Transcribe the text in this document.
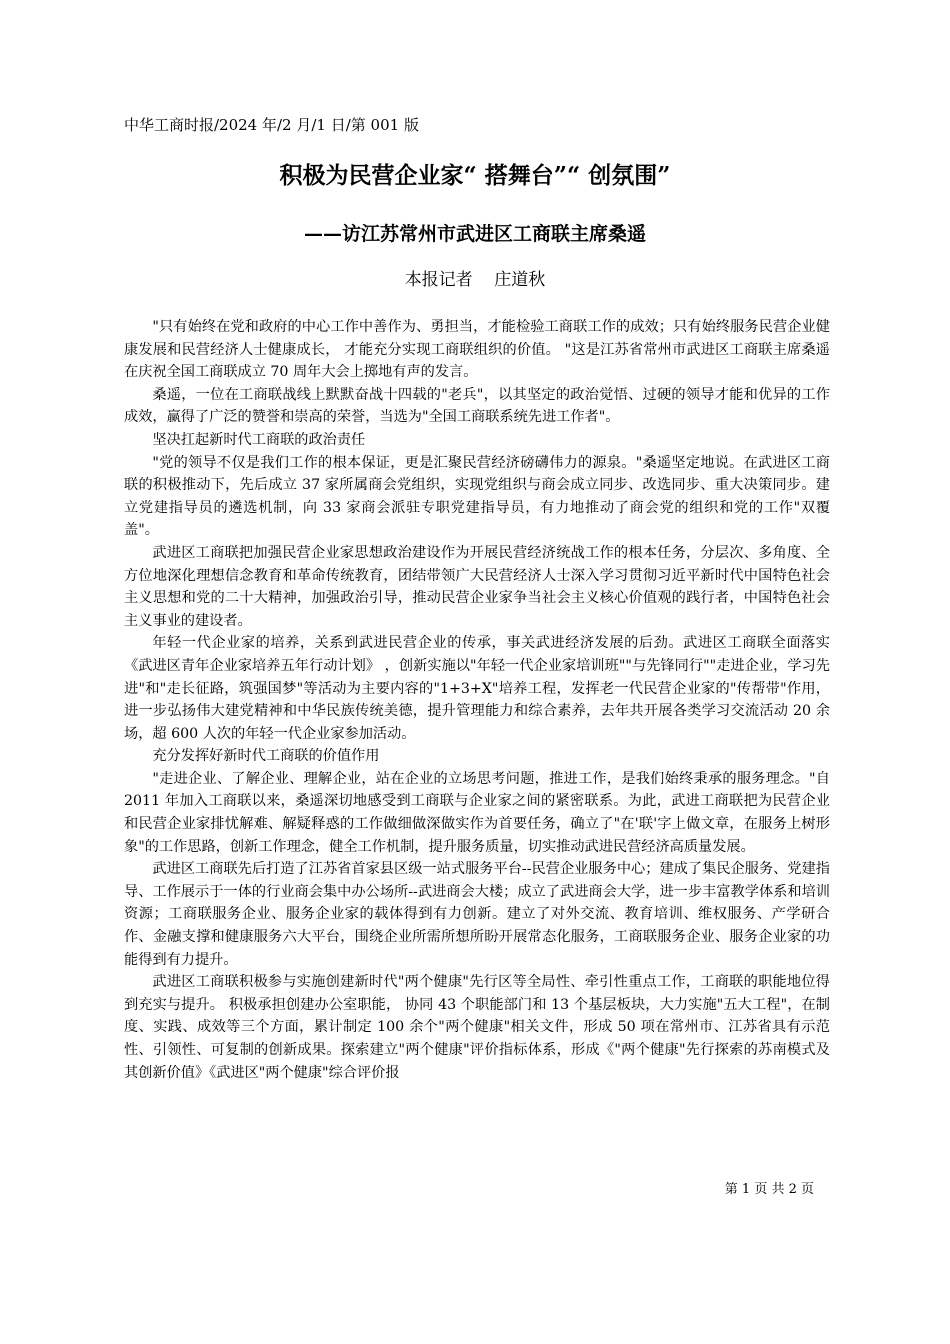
中华工商时报/2024 年/2 月/1 日/第 001 版
积极为民营企业家“ 搭舞台”“ 创氛围”
——访江苏常州市武进区工商联主席桑遥
本报记者    庄道秋

"只有始终在党和政府的中心工作中善作为、勇担当，才能检验工商联工作的成效；只有始终服务民营企业健康发展和民营经济人士健康成长， 才能充分实现工商联组织的价值。 "这是江苏省常州市武进区工商联主席桑遥在庆祝全国工商联成立 70 周年大会上掷地有声的发言。

桑遥，一位在工商联战线上默默奋战十四载的"老兵"，以其坚定的政治觉悟、过硬的领导才能和优异的工作成效，赢得了广泛的赞誉和崇高的荣誉，当选为"全国工商联系统先进工作者"。

坚决扛起新时代工商联的政治责任

"党的领导不仅是我们工作的根本保证，更是汇聚民营经济磅礴伟力的源泉。"桑遥坚定地说。在武进区工商联的积极推动下，先后成立 37 家所属商会党组织，实现党组织与商会成立同步、改选同步、重大决策同步。建立党建指导员的遴选机制，向 33 家商会派驻专职党建指导员，有力地推动了商会党的组织和党的工作"双覆盖"。

武进区工商联把加强民营企业家思想政治建设作为开展民营经济统战工作的根本任务，分层次、多角度、全方位地深化理想信念教育和革命传统教育，团结带领广大民营经济人士深入学习贯彻习近平新时代中国特色社会主义思想和党的二十大精神，加强政治引导，推动民营企业家争当社会主义核心价值观的践行者，中国特色社会主义事业的建设者。

年轻一代企业家的培养，关系到武进民营企业的传承，事关武进经济发展的后劲。武进区工商联全面落实《武进区青年企业家培养五年行动计划》 ，创新实施以"年轻一代企业家培训班""与先锋同行""走进企业，学习先进"和"走长征路，筑强国梦"等活动为主要内容的"1+3+X"培养工程，发挥老一代民营企业家的"传帮带"作用，进一步弘扬伟大建党精神和中华民族传统美德，提升管理能力和综合素养，去年共开展各类学习交流活动 20 余场，超 600 人次的年轻一代企业家参加活动。

充分发挥好新时代工商联的价值作用

"走进企业、了解企业、理解企业，站在企业的立场思考问题，推进工作，是我们始终秉承的服务理念。"自 2011 年加入工商联以来，桑遥深切地感受到工商联与企业家之间的紧密联系。为此，武进工商联把为民营企业和民营企业家排忧解难、解疑释惑的工作做细做深做实作为首要任务，确立了"在'联'字上做文章，在服务上树形象"的工作思路，创新工作理念，健全工作机制，提升服务质量，切实推动武进民营经济高质量发展。

武进区工商联先后打造了江苏省首家县区级一站式服务平台--民营企业服务中心；建成了集民企服务、党建指导、工作展示于一体的行业商会集中办公场所--武进商会大楼；成立了武进商会大学，进一步丰富教学体系和培训资源；工商联服务企业、服务企业家的载体得到有力创新。建立了对外交流、教育培训、维权服务、产学研合作、金融支撑和健康服务六大平台，围绕企业所需所想所盼开展常态化服务，工商联服务企业、服务企业家的功能得到有力提升。

武进区工商联积极参与实施创建新时代"两个健康"先行区等全局性、牵引性重点工作，工商联的职能地位得到充实与提升。 积极承担创建办公室职能， 协同 43 个职能部门和 13 个基层板块，大力实施"五大工程"，在制度、实践、成效等三个方面，累计制定 100 余个"两个健康"相关文件，形成 50 项在常州市、江苏省具有示范性、引领性、可复制的创新成果。探索建立"两个健康"评价指标体系，形成《"两个健康"先行探索的苏南模式及其创新价值》《武进区"两个健康"综合评价报

第 1 页 共 2 页
